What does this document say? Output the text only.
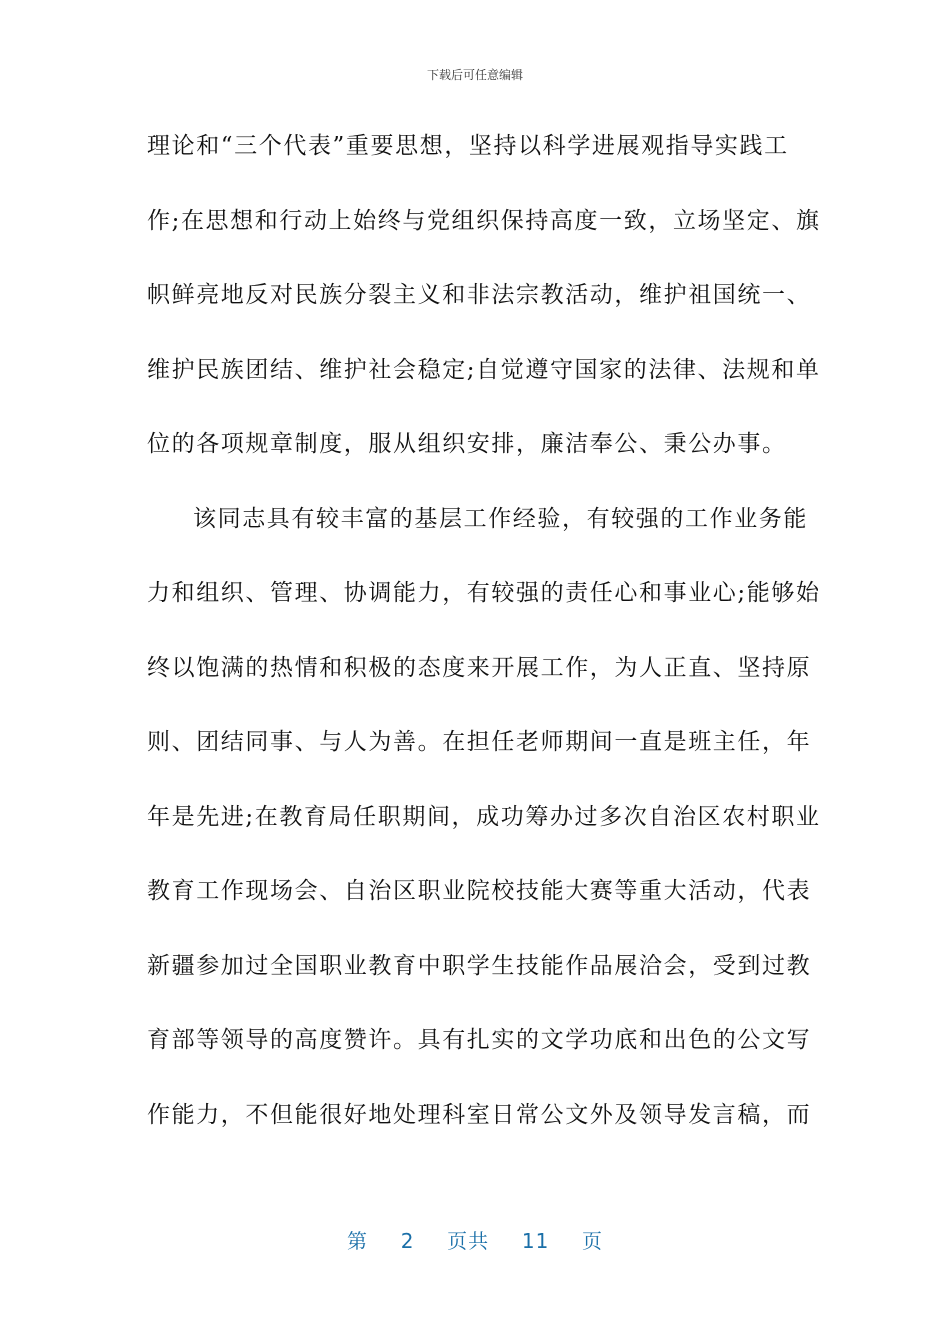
下载后可任意编辑
理论和“三个代表”重要思想，坚持以科学进展观指导实践工
作;在思想和行动上始终与党组织保持高度一致，立场坚定、旗
帜鲜亮地反对民族分裂主义和非法宗教活动，维护祖国统一、
维护民族团结、维护社会稳定;自觉遵守国家的法律、法规和单
位的各项规章制度，服从组织安排，廉洁奉公、秉公办事。
该同志具有较丰富的基层工作经验，有较强的工作业务能
力和组织、管理、协调能力，有较强的责任心和事业心;能够始
终以饱满的热情和积极的态度来开展工作，为人正直、坚持原
则、团结同事、与人为善。在担任老师期间一直是班主任，年
年是先进;在教育局任职期间，成功筹办过多次自治区农村职业
教育工作现场会、自治区职业院校技能大赛等重大活动，代表
新疆参加过全国职业教育中职学生技能作品展洽会，受到过教
育部等领导的高度赞许。具有扎实的文学功底和出色的公文写
作能力，不但能很好地处理科室日常公文外及领导发言稿，而
第 2 页共 11 页
